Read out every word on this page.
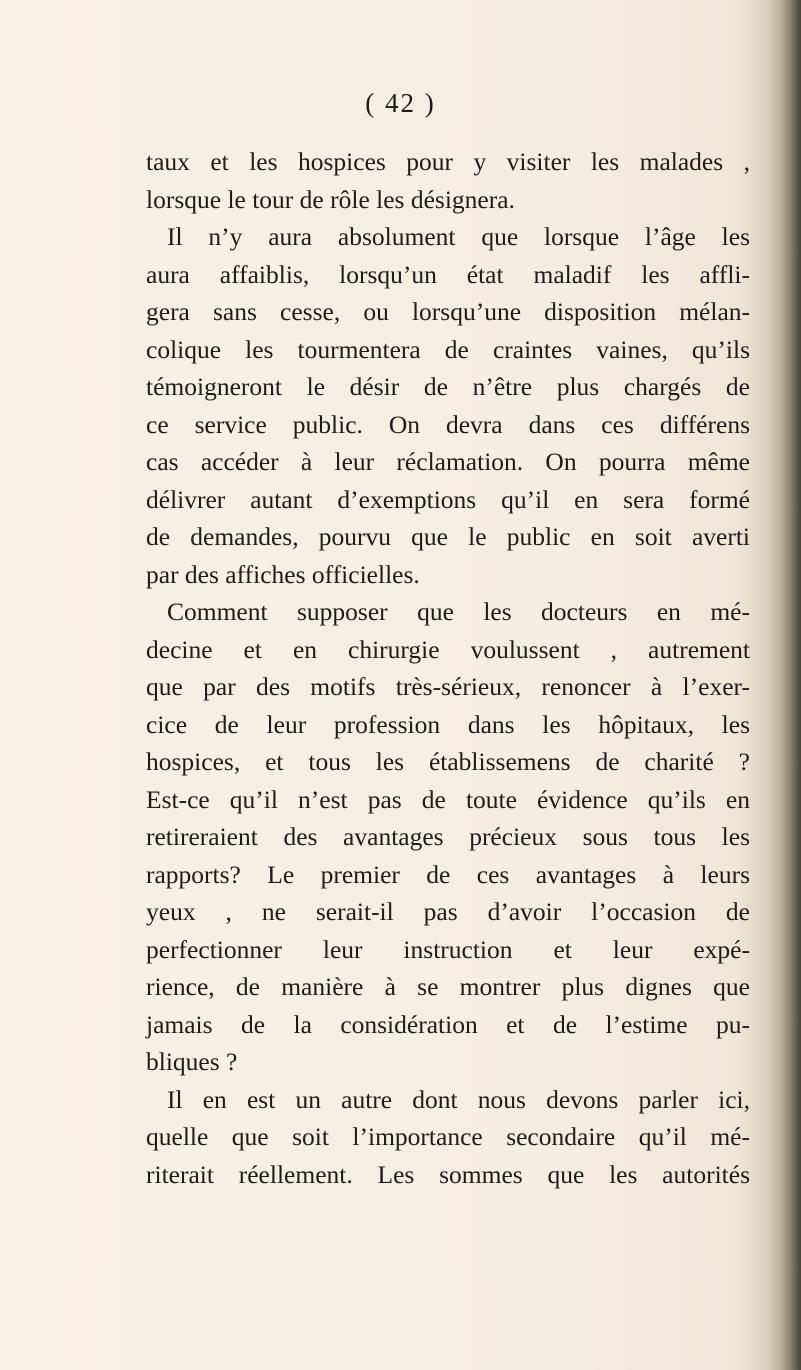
( 42 )
taux et les hospices pour y visiter les malades ,
lorsque le tour de rôle les désignera.
Il n’y aura absolument que lorsque l’âge les
aura affaiblis, lorsqu’un état maladif les affli-
gera sans cesse, ou lorsqu’une disposition mélan-
colique les tourmentera de craintes vaines, qu’ils
témoigneront le désir de n’être plus chargés de
ce service public. On devra dans ces différens
cas accéder à leur réclamation. On pourra même
délivrer autant d’exemptions qu’il en sera formé
de demandes, pourvu que le public en soit averti
par des affiches officielles.
Comment supposer que les docteurs en mé-
decine et en chirurgie voulussent , autrement
que par des motifs très-sérieux, renoncer à l’exer-
cice de leur profession dans les hôpitaux, les
hospices, et tous les établissemens de charité ?
Est-ce qu’il n’est pas de toute évidence qu’ils en
retireraient des avantages précieux sous tous les
rapports? Le premier de ces avantages à leurs
yeux , ne serait-il pas d’avoir l’occasion de
perfectionner leur instruction et leur expé-
rience, de manière à se montrer plus dignes que
jamais de la considération et de l’estime pu-
bliques ?
Il en est un autre dont nous devons parler ici,
quelle que soit l’importance secondaire qu’il mé-
riterait réellement. Les sommes que les autorités
